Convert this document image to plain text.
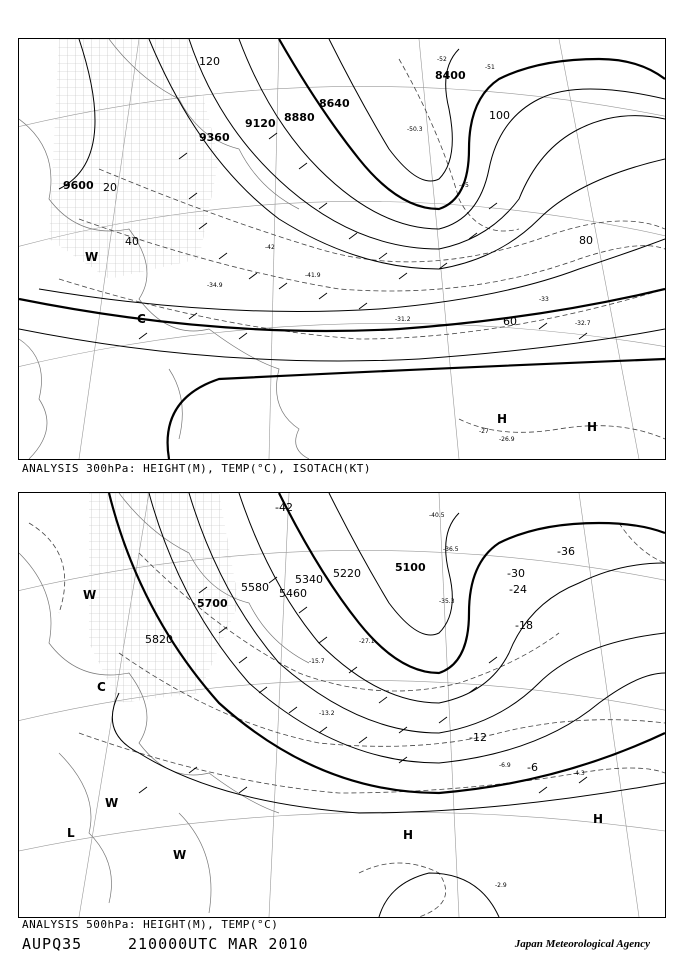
8400
8640
8880
9120
9360
9600
120
100
80
60
40
20
-52
-51
-50.3
-45
-42
-41.9
-34.9
-31.2
-33
-27
-26.9
-32.7
H
H
W
C
ANALYSIS 300hPa: HEIGHT(M), TEMP(°C), ISOTACH(KT)
5100
5220
5340
5460
5580
5700
5820
-42
-36
-30
-24
-18
-12
-6
-40.5
-36.5
-35.3
-27.1
-15.7
-13.2
-6.9
-4.3
-2.9
L	H
H
W
W
W
C
ANALYSIS 500hPa: HEIGHT(M), TEMP(°C)
AUPQ35	210000UTC MAR 2010	Japan Meteorological Agency
